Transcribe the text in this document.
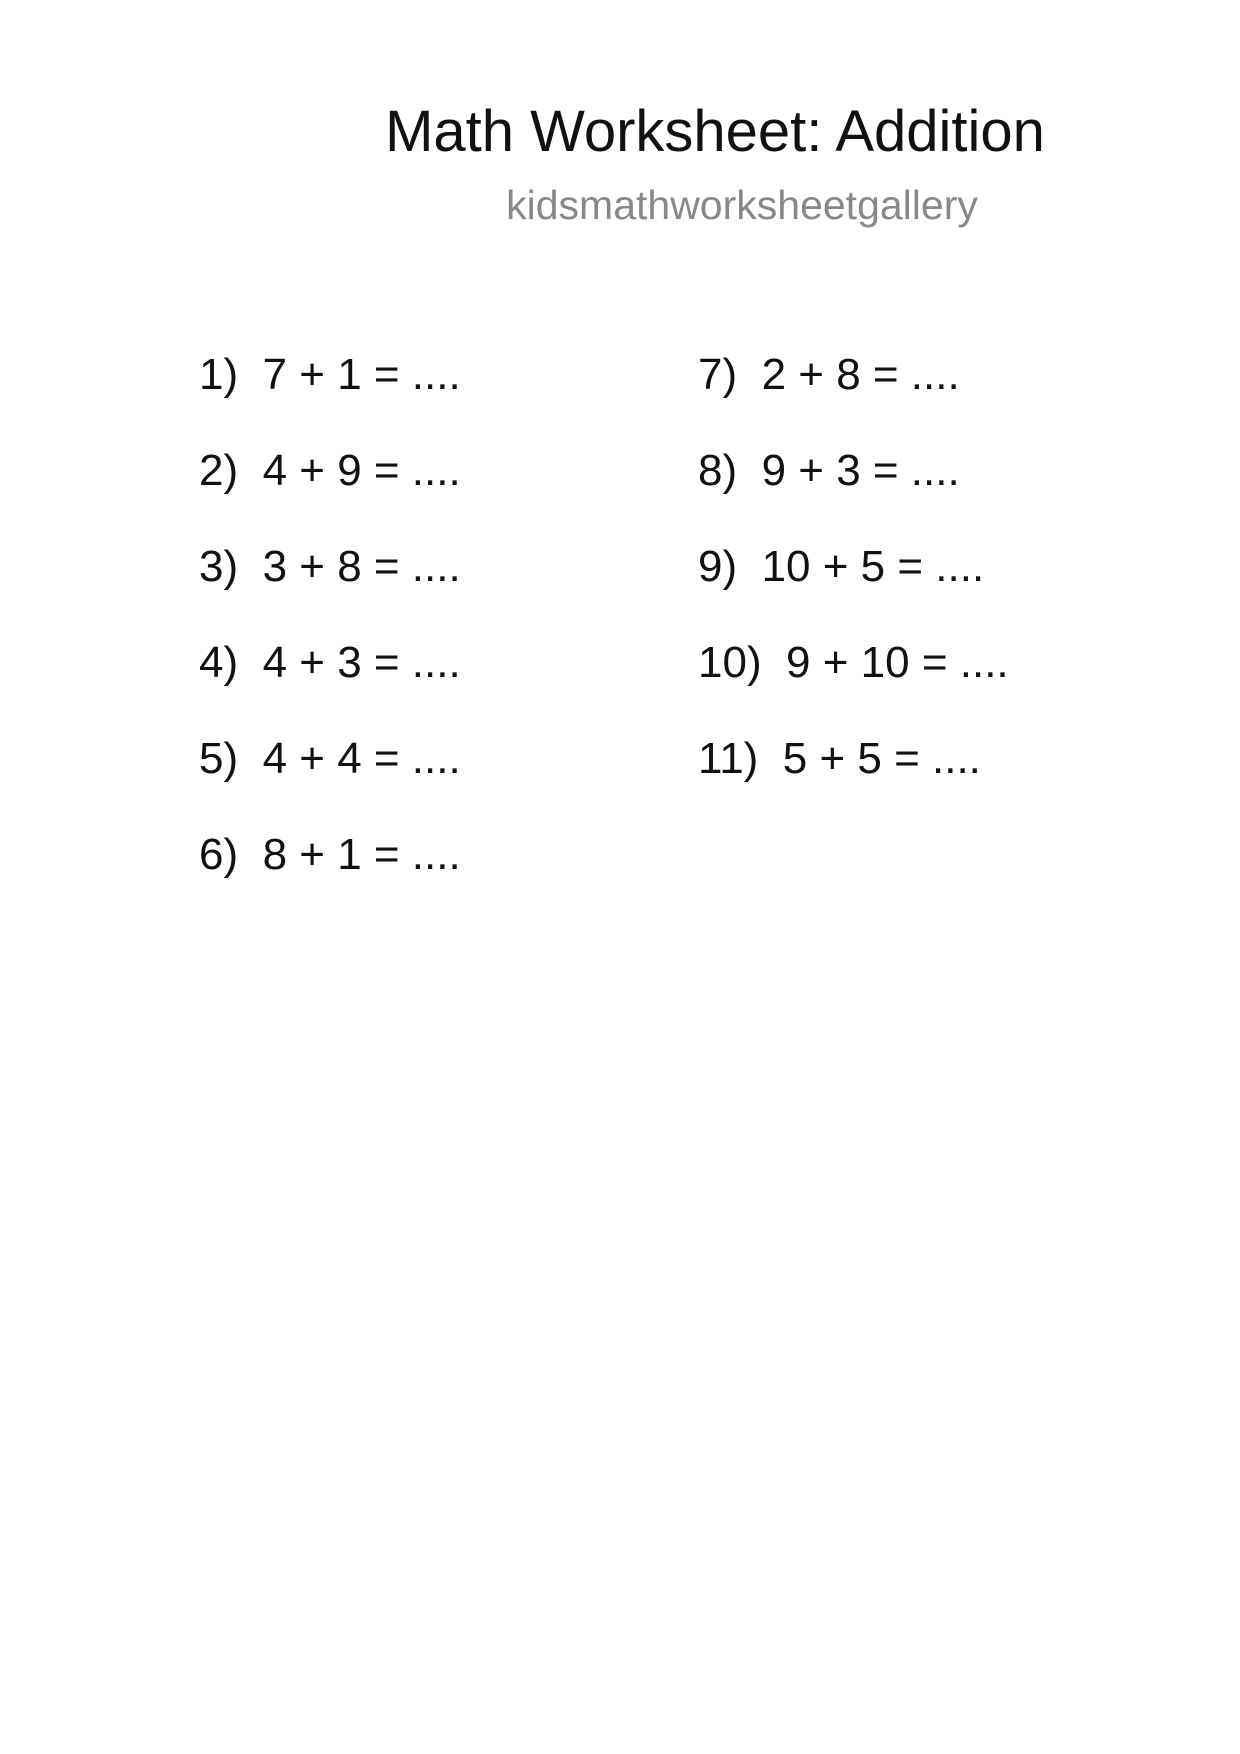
Math Worksheet: Addition
kidsmathworksheetgallery
1)  7 + 1 = ....
2)  4 + 9 = ....
3)  3 + 8 = ....
4)  4 + 3 = ....
5)  4 + 4 = ....
6)  8 + 1 = ....
7)  2 + 8 = ....
8)  9 + 3 = ....
9)  10 + 5 = ....
10)  9 + 10 = ....
11)  5 + 5 = ....
